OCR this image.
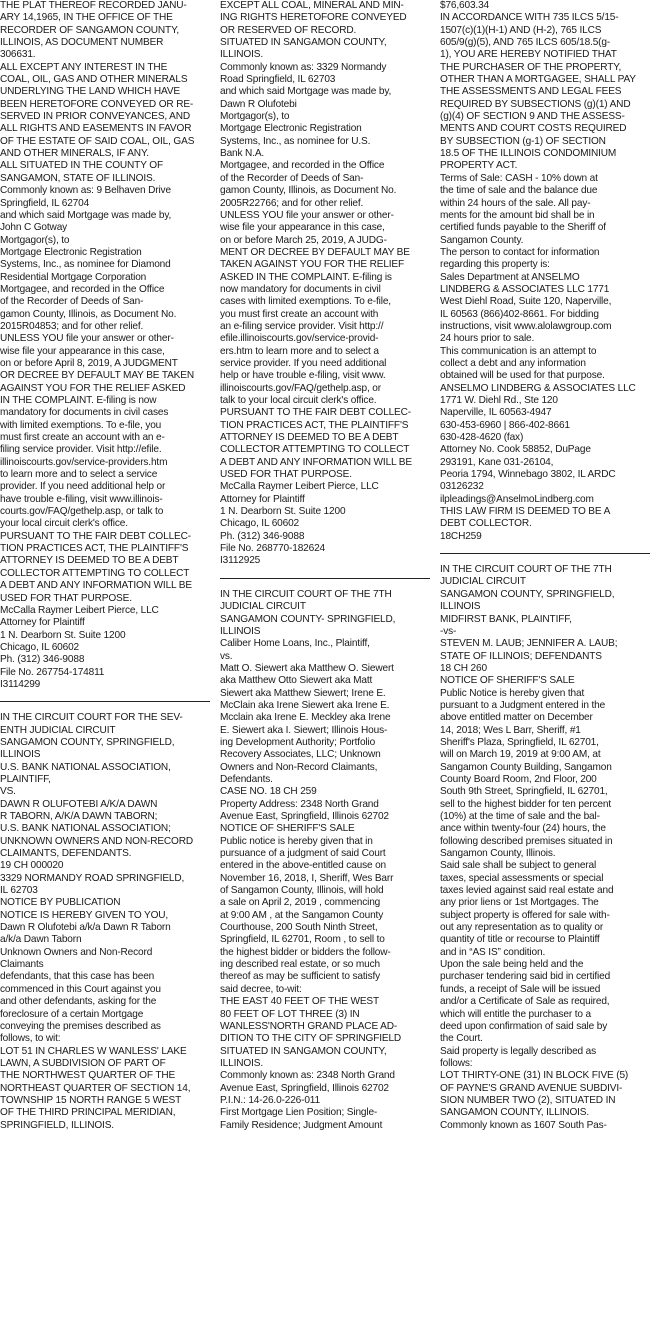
THE PLAT THEREOF RECORDED JANU-
ARY 14,1965, IN THE OFFICE OF THE
RECORDER OF SANGAMON COUNTY,
ILLINOIS, AS DOCUMENT NUMBER
306631.
ALL EXCEPT ANY INTEREST IN THE
COAL, OIL, GAS AND OTHER MINERALS
UNDERLYING THE LAND WHICH HAVE
BEEN HERETOFORE CONVEYED OR RE-
SERVED IN PRIOR CONVEYANCES, AND
ALL RIGHTS AND EASEMENTS IN FAVOR
OF THE ESTATE OF SAID COAL, OIL, GAS
AND OTHER MINERALS, IF ANY.
ALL SITUATED IN THE COUNTY OF
SANGAMON, STATE OF ILLINOIS.
Commonly known as: 9 Belhaven Drive
Springfield, IL 62704
and which said Mortgage was made by,
John C Gotway
Mortgagor(s), to
Mortgage Electronic Registration
Systems, Inc., as nominee for Diamond
Residential Mortgage Corporation
Mortgagee, and recorded in the Office
of the Recorder of Deeds of San-
gamon County, Illinois, as Document No.
2015R04853; and for other relief.
UNLESS YOU file your answer or other-
wise file your appearance in this case,
on or before April 8, 2019, A JUDGMENT
OR DECREE BY DEFAULT MAY BE TAKEN
AGAINST YOU FOR THE RELIEF ASKED
IN THE COMPLAINT. E-filing is now
mandatory for documents in civil cases
with limited exemptions. To e-file, you
must first create an account with an e-
filing service provider. Visit http://efile.
illinoiscourts.gov/service-providers.htm
to learn more and to select a service
provider. If you need additional help or
have trouble e-filing, visit www.illinois-
courts.gov/FAQ/gethelp.asp, or talk to
your local circuit clerk's office.
PURSUANT TO THE FAIR DEBT COLLEC-
TION PRACTICES ACT, THE PLAINTIFF'S
ATTORNEY IS DEEMED TO BE A DEBT
COLLECTOR ATTEMPTING TO COLLECT
A DEBT AND ANY INFORMATION WILL BE
USED FOR THAT PURPOSE.
McCalla Raymer Leibert Pierce, LLC
Attorney for Plaintiff
1 N. Dearborn St. Suite 1200
Chicago, IL 60602
Ph. (312) 346-9088
File No. 267754-174811
I3114299
IN THE CIRCUIT COURT FOR THE SEV-
ENTH JUDICIAL CIRCUIT
SANGAMON COUNTY, SPRINGFIELD,
ILLINOIS
U.S. BANK NATIONAL ASSOCIATION,
PLAINTIFF,
VS.
DAWN R OLUFOTEBI A/K/A DAWN
R TABORN, A/K/A DAWN TABORN;
U.S. BANK NATIONAL ASSOCIATION;
UNKNOWN OWNERS AND NON-RECORD
CLAIMANTS, DEFENDANTS.
19 CH 000020
3329 NORMANDY ROAD SPRINGFIELD,
IL 62703
NOTICE BY PUBLICATION
NOTICE IS HEREBY GIVEN TO YOU,
Dawn R Olufotebi a/k/a Dawn R Taborn
a/k/a Dawn Taborn
Unknown Owners and Non-Record
Claimants
defendants, that this case has been
commenced in this Court against you
and other defendants, asking for the
foreclosure of a certain Mortgage
conveying the premises described as
follows, to wit:
LOT 51 IN CHARLES W WANLESS' LAKE
LAWN, A SUBDIVISION OF PART OF
THE NORTHWEST QUARTER OF THE
NORTHEAST QUARTER OF SECTION 14,
TOWNSHIP 15 NORTH RANGE 5 WEST
OF THE THIRD PRINCIPAL MERIDIAN,
SPRINGFIELD, ILLINOIS.
EXCEPT ALL COAL, MINERAL AND MIN-
ING RIGHTS HERETOFORE CONVEYED
OR RESERVED OF RECORD.
SITUATED IN SANGAMON COUNTY,
ILLINOIS.
Commonly known as: 3329 Normandy
Road Springfield, IL 62703
and which said Mortgage was made by,
Dawn R Olufotebi
Mortgagor(s), to
Mortgage Electronic Registration
Systems, Inc., as nominee for U.S.
Bank N.A.
Mortgagee, and recorded in the Office
of the Recorder of Deeds of San-
gamon County, Illinois, as Document No.
2005R22766; and for other relief.
UNLESS YOU file your answer or other-
wise file your appearance in this case,
on or before March 25, 2019, A JUDG-
MENT OR DECREE BY DEFAULT MAY BE
TAKEN AGAINST YOU FOR THE RELIEF
ASKED IN THE COMPLAINT. E-filing is
now mandatory for documents in civil
cases with limited exemptions. To e-file,
you must first create an account with
an e-filing service provider. Visit http://
efile.illinoiscourts.gov/service-provid-
ers.htm to learn more and to select a
service provider. If you need additional
help or have trouble e-filing, visit www.
illinoiscourts.gov/FAQ/gethelp.asp, or
talk to your local circuit clerk's office.
PURSUANT TO THE FAIR DEBT COLLEC-
TION PRACTICES ACT, THE PLAINTIFF'S
ATTORNEY IS DEEMED TO BE A DEBT
COLLECTOR ATTEMPTING TO COLLECT
A DEBT AND ANY INFORMATION WILL BE
USED FOR THAT PURPOSE.
McCalla Raymer Leibert Pierce, LLC
Attorney for Plaintiff
1 N. Dearborn St. Suite 1200
Chicago, IL 60602
Ph. (312) 346-9088
File No. 268770-182624
I3112925
IN THE CIRCUIT COURT OF THE 7TH
JUDICIAL CIRCUIT
SANGAMON COUNTY- SPRINGFIELD,
ILLINOIS
Caliber Home Loans, Inc., Plaintiff,
vs.
Matt O. Siewert aka Matthew O. Siewert
aka Matthew Otto Siewert aka Matt
Siewert aka Matthew Siewert; Irene E.
McClain aka Irene Siewert aka Irene E.
Mcclain aka Irene E. Meckley aka Irene
E. Siewert aka I. Siewert; Illinois Hous-
ing Development Authority; Portfolio
Recovery Associates, LLC; Unknown
Owners and Non-Record Claimants,
Defendants.
CASE NO. 18 CH 259
Property Address: 2348 North Grand
Avenue East, Springfield, Illinois 62702
NOTICE OF SHERIFF'S SALE
Public notice is hereby given that in
pursuance of a judgment of said Court
entered in the above-entitled cause on
November 16, 2018, I, Sheriff, Wes Barr
of Sangamon County, Illinois, will hold
a sale on April 2, 2019 , commencing
at 9:00 AM , at the Sangamon County
Courthouse, 200 South Ninth Street,
Springfield, IL 62701, Room , to sell to
the highest bidder or bidders the follow-
ing described real estate, or so much
thereof as may be sufficient to satisfy
said decree, to-wit:
THE EAST 40 FEET OF THE WEST
80 FEET OF LOT THREE (3) IN
WANLESS'NORTH GRAND PLACE AD-
DITION TO THE CITY OF SPRINGFIELD
SITUATED IN SANGAMON COUNTY,
ILLINOIS.
Commonly known as: 2348 North Grand
Avenue East, Springfield, Illinois 62702
P.I.N.: 14-26.0-226-011
First Mortgage Lien Position; Single-
Family Residence; Judgment Amount
$76,603.34
IN ACCORDANCE WITH 735 ILCS 5/15-
1507(c)(1)(H-1) AND (H-2), 765 ILCS
605/9(g)(5), AND 765 ILCS 605/18.5(g-
1), YOU ARE HEREBY NOTIFIED THAT
THE PURCHASER OF THE PROPERTY,
OTHER THAN A MORTGAGEE, SHALL PAY
THE ASSESSMENTS AND LEGAL FEES
REQUIRED BY SUBSECTIONS (g)(1) AND
(g)(4) OF SECTION 9 AND THE ASSESS-
MENTS AND COURT COSTS REQUIRED
BY SUBSECTION (g-1) OF SECTION
18.5 OF THE ILLINOIS CONDOMINIUM
PROPERTY ACT.
Terms of Sale: CASH - 10% down at
the time of sale and the balance due
within 24 hours of the sale. All pay-
ments for the amount bid shall be in
certified funds payable to the Sheriff of
Sangamon County.
The person to contact for information
regarding this property is:
Sales Department at ANSELMO
LINDBERG & ASSOCIATES LLC 1771
West Diehl Road, Suite 120, Naperville,
IL 60563 (866)402-8661. For bidding
instructions, visit www.alolawgroup.com
24 hours prior to sale.
This communication is an attempt to
collect a debt and any information
obtained will be used for that purpose.
ANSELMO LINDBERG & ASSOCIATES LLC
1771 W. Diehl Rd., Ste 120
Naperville, IL 60563-4947
630-453-6960 | 866-402-8661
630-428-4620 (fax)
Attorney No. Cook 58852, DuPage
293191, Kane 031-26104,
Peoria 1794, Winnebago 3802, IL ARDC
03126232
ilpleadings@AnselmoLindberg.com
THIS LAW FIRM IS DEEMED TO BE A
DEBT COLLECTOR.
18CH259
IN THE CIRCUIT COURT OF THE 7TH
JUDICIAL CIRCUIT
SANGAMON COUNTY, SPRINGFIELD,
ILLINOIS
MIDFIRST BANK, PLAINTIFF,
-vs-
STEVEN M. LAUB; JENNIFER A. LAUB;
STATE OF ILLINOIS; DEFENDANTS
18 CH 260
NOTICE OF SHERIFF'S SALE
Public Notice is hereby given that
pursuant to a Judgment entered in the
above entitled matter on December
14, 2018; Wes L Barr, Sheriff, #1
Sheriff's Plaza, Springfield, IL 62701,
will on March 19, 2019 at 9:00 AM, at
Sangamon County Building, Sangamon
County Board Room, 2nd Floor, 200
South 9th Street, Springfield, IL 62701,
sell to the highest bidder for ten percent
(10%) at the time of sale and the bal-
ance within twenty-four (24) hours, the
following described premises situated in
Sangamon County, Illinois.
Said sale shall be subject to general
taxes, special assessments or special
taxes levied against said real estate and
any prior liens or 1st Mortgages. The
subject property is offered for sale with-
out any representation as to quality or
quantity of title or recourse to Plaintiff
and in “AS IS” condition.
Upon the sale being held and the
purchaser tendering said bid in certified
funds, a receipt of Sale will be issued
and/or a Certificate of Sale as required,
which will entitle the purchaser to a
deed upon confirmation of said sale by
the Court.
Said property is legally described as
follows:
LOT THIRTY-ONE (31) IN BLOCK FIVE (5)
OF PAYNE'S GRAND AVENUE SUBDIVI-
SION NUMBER TWO (2), SITUATED IN
SANGAMON COUNTY, ILLINOIS.
Commonly known as 1607 South Pas-
